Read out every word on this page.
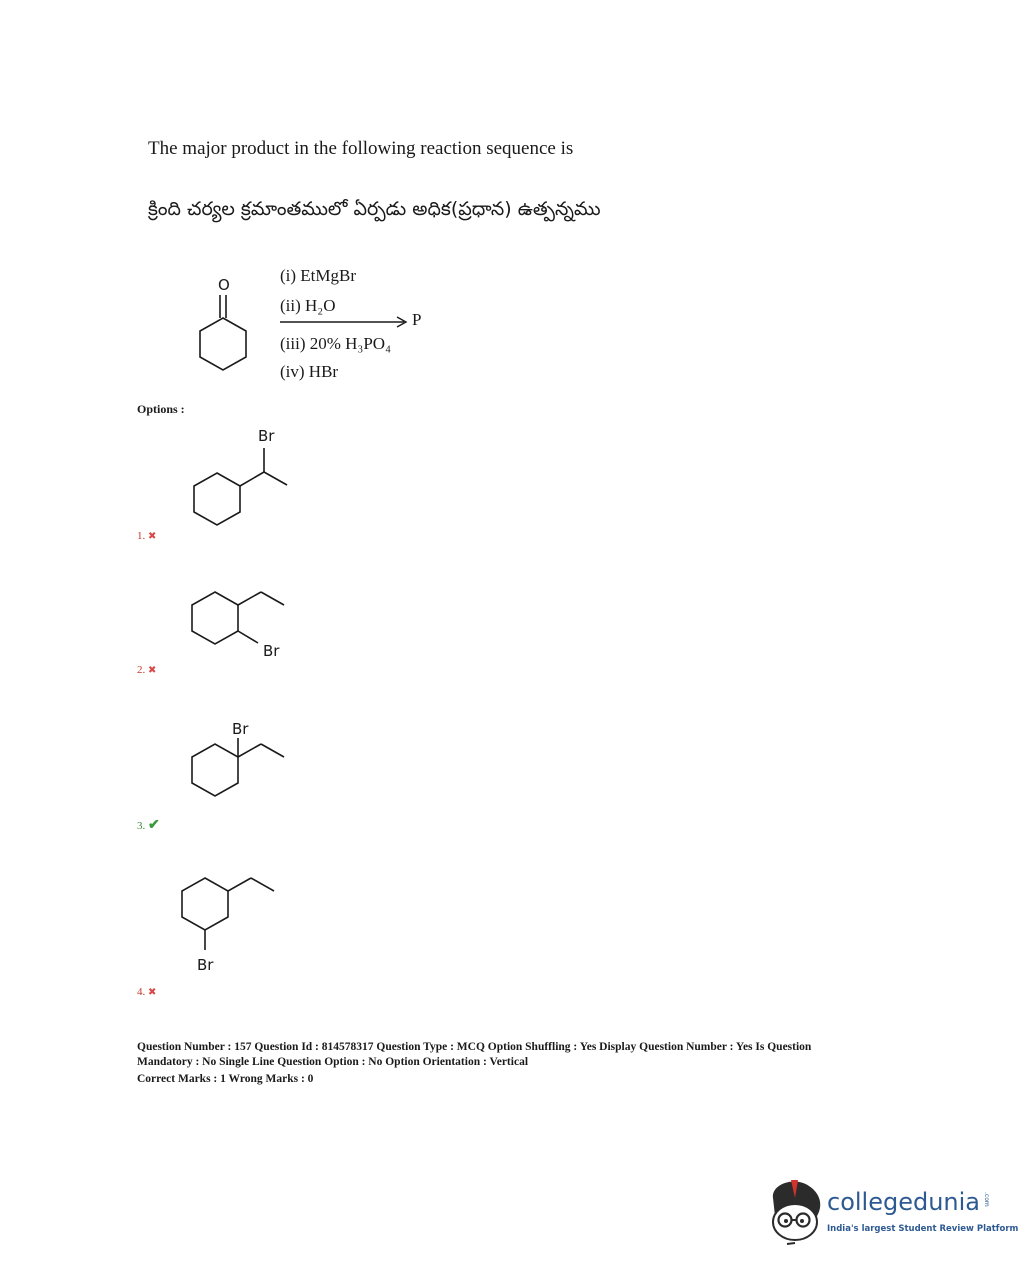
The major product in the following reaction sequence is
క్రింది చర్యల క్రమాంతములో ఏర్పడు అధిక(ప్రధాన) ఉత్పన్నము
O	(i) EtMgBr
(ii) H₂O
P
(iii) 20% H₃PO₄
(iv) HBr
Options :
Br
1. ✖
Br
2. ✖
Br
3. ✔
Br
4. ✖
Question Number : 157 Question Id : 814578317 Question Type : MCQ Option Shuffling : Yes Display Question Number : Yes Is Question
Mandatory : No Single Line Question Option : No Option Orientation : Vertical
Correct Marks : 1 Wrong Marks : 0
collegedunia .com
India's largest Student Review Platform
